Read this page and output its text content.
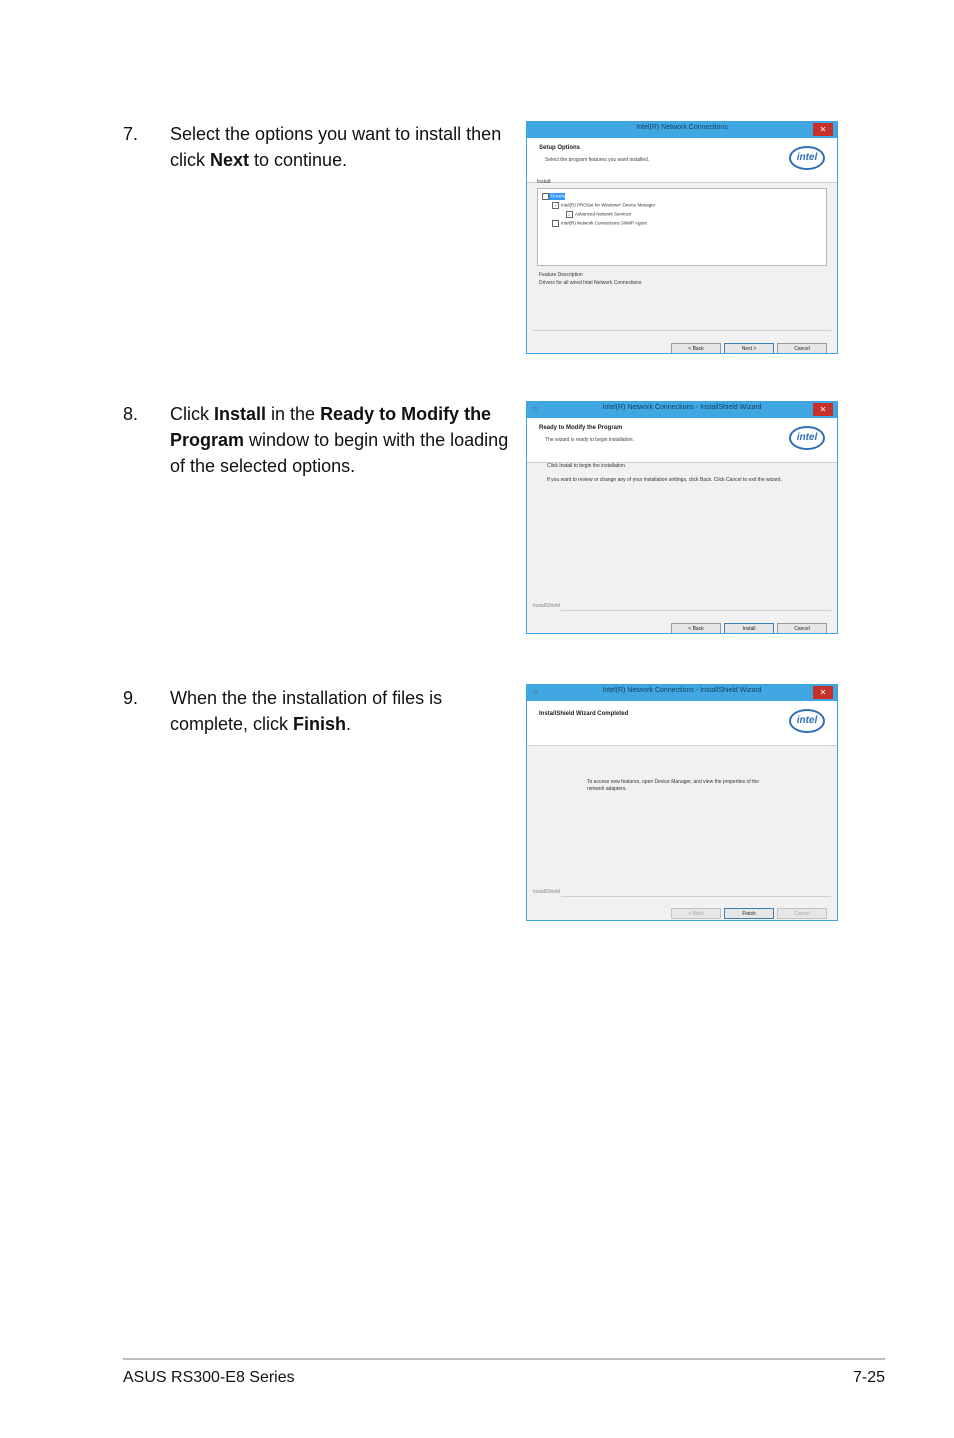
7. Select the options you want to install then click Next to continue.
Intel(R) Network Connections	✕
Setup Options
Select the program features you want installed.	intel
Install:
✓ Drivers
✓ Intel(R) PROSet for Windows* Device Manager
✓ Advanced Network Services
Intel(R) Network Connections SNMP Agent
Feature Description
Drivers for all wired Intel Network Connections
< Back	Next >	Cancel
8. Click Install in the Ready to Modify the Program window to begin with the loading of the selected options.
⌗	Intel(R) Network Connections - InstallShield Wizard	✕
Ready to Modify the Program
The wizard is ready to begin installation.	intel
Click Install to begin the installation.
If you want to review or change any of your installation settings, click Back. Click Cancel to exit the wizard.
InstallShield
< Back	Install	Cancel
9. When the the installation of files is complete, click Finish.
⌗	Intel(R) Network Connections - InstallShield Wizard	✕
InstallShield Wizard Completed
intel
To access new features, open Device Manager, and view the properties of the network adapters.
InstallShield
< Back	Finish	Cancel
ASUS RS300-E8 Series	7-25
